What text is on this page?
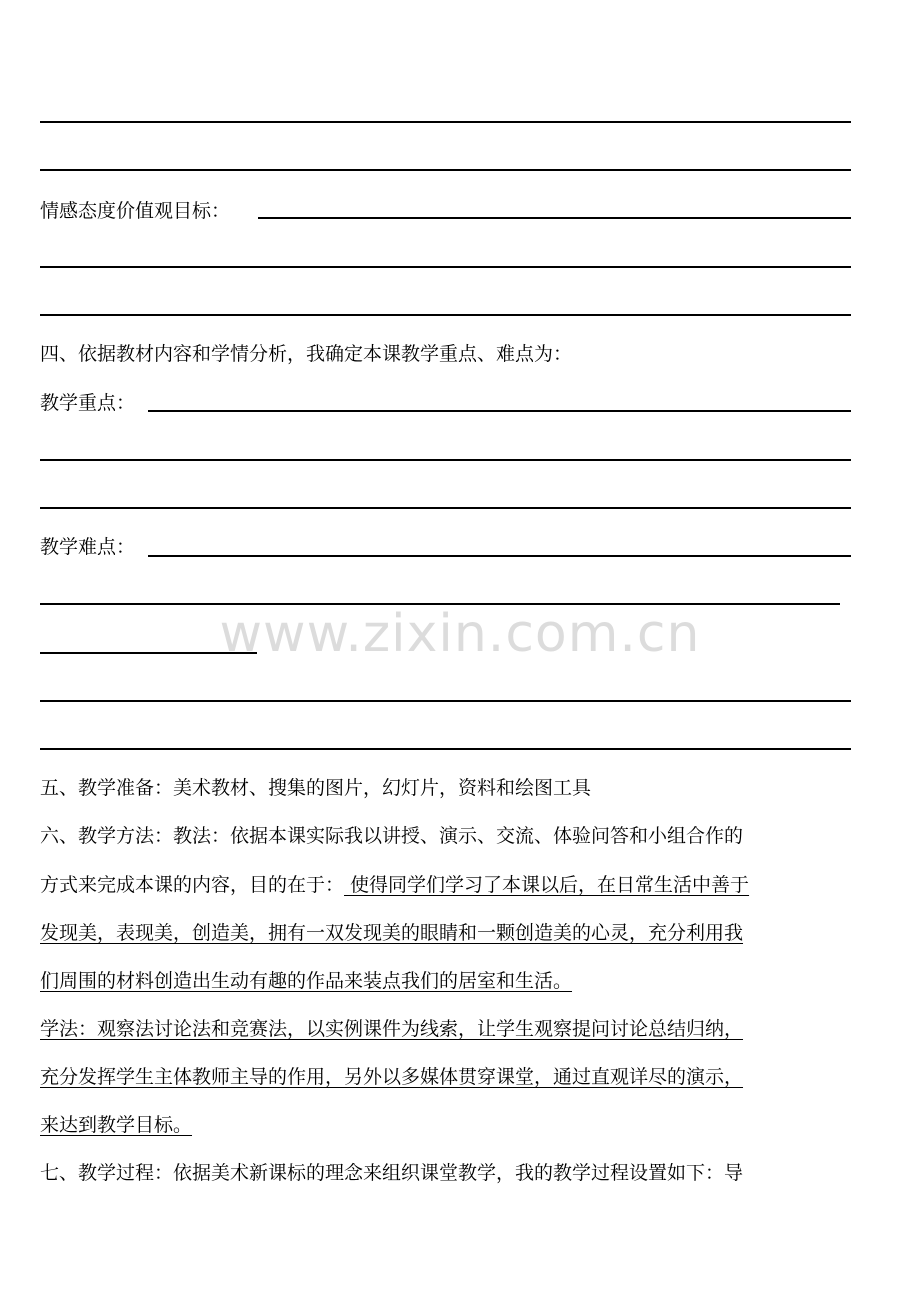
www.zixin.com.cn
情感态度价值观目标：
四、依据教材内容和学情分析，我确定本课教学重点、难点为：
教学重点：
教学难点：
五、教学准备：美术教材、搜集的图片，幻灯片，资料和绘图工具
六、教学方法：教法：依据本课实际我以讲授、演示、交流、体验问答和小组合作的
方式来完成本课的内容，目的在于： 使得同学们学习了本课以后，在日常生活中善于
发现美，表现美，创造美，拥有一双发现美的眼睛和一颗创造美的心灵，充分利用我
们周围的材料创造出生动有趣的作品来装点我们的居室和生活。
学法：观察法讨论法和竞赛法，以实例课件为线索，让学生观察提问讨论总结归纳，
充分发挥学生主体教师主导的作用，另外以多媒体贯穿课堂，通过直观详尽的演示，
来达到教学目标。
七、教学过程：依据美术新课标的理念来组织课堂教学，我的教学过程设置如下：导
